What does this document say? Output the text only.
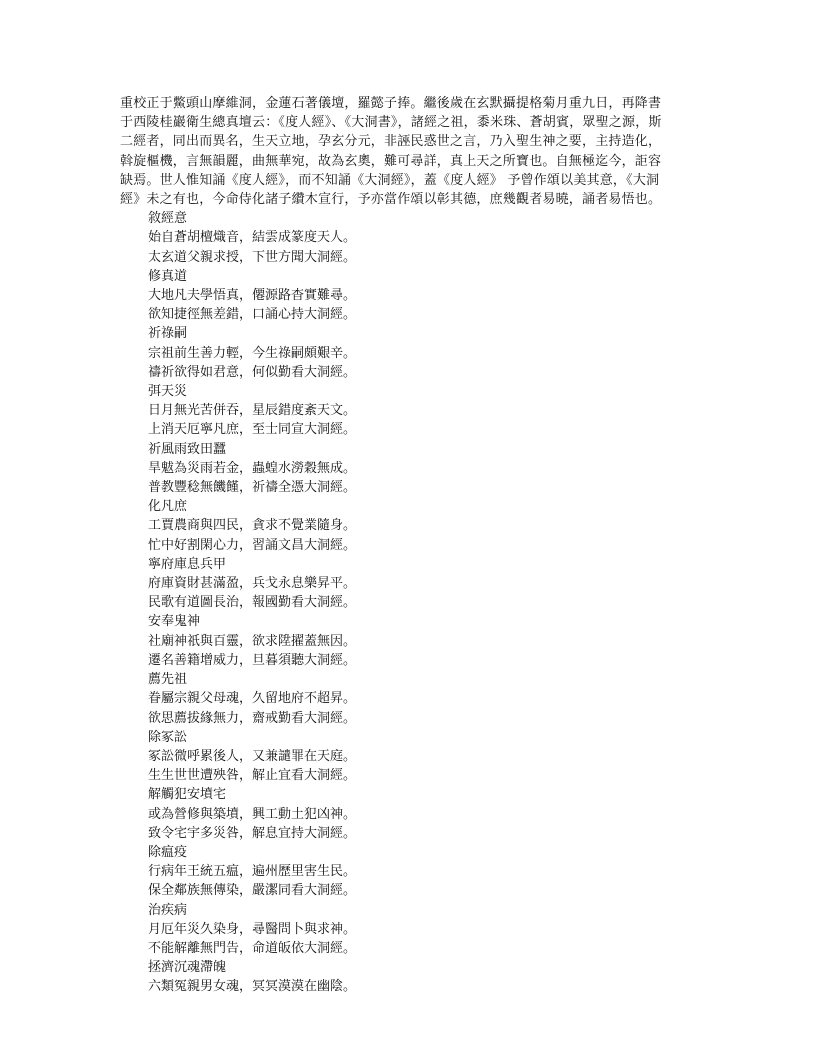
重校正于鱉頭山摩維洞，金蓮石著儀壇，羅懿子捧。繼後歲在玄默攝提格菊月重九日，再降書

于西陵桂巖衛生總真壇云：《度人經》、《大洞書》，諸經之祖，黍米珠、蒼胡賓，眾聖之源，斯

二經者，同出而異名，生天立地，孕玄分元，非誣民惑世之言，乃入聖生神之要，主持造化，

斡旋樞機，言無韻麗，曲無華宛，故為玄奧，難可尋詳，真上天之所寶也。自無極迄今，詎容

缺焉。世人惟知誦《度人經》，而不知誦《大洞經》，蓋《度人經》 予曾作頌以美其意，《大洞

經》未之有也，今命侍化諸子纘木宣行，予亦當作頌以彰其德，庶幾觀者易曉，誦者易悟也。

敘經意

始自蒼胡檀熾音，結雲成篆度天人。

太玄道父親求授，下世方聞大洞經。

修真道

大地凡夫學悟真，僊源路杳實難尋。

欲知捷徑無差錯，口誦心持大洞經。

祈祿嗣

宗祖前生善力輕，今生祿嗣頗艱辛。

禱祈欲得如君意，何似勤看大洞經。

弭天災

日月無光苦併吞，星辰錯度紊天文。

上消天厄寧凡庶，至士同宣大洞經。

祈風雨致田蠶

旱魃為災雨若金，蟲蝗水澇穀無成。

普教豐稔無饑饉，祈禱全憑大洞經。

化凡庶

工賈農商與四民，貪求不覺業隨身。

忙中好割閑心力，習誦文昌大洞經。

寧府庫息兵甲

府庫資財甚滿盈，兵戈永息樂昇平。

民歌有道圖長治，報國勤看大洞經。

安奉鬼神

社廟神祇與百靈，欲求陞擢蓋無因。

遷名善籍增威力，旦暮須聽大洞經。

薦先祖

眷屬宗親父母魂，久留地府不超昇。

欲思薦拔緣無力，齋戒勤看大洞經。

除冢訟

冢訟微呼累後人，又兼譴罪在天庭。

生生世世遭殃咎，解止宜看大洞經。

解觸犯安墳宅

或為營修與築墳，興工動土犯凶神。

致令宅宇多災咎，解息宜持大洞經。

除瘟疫

行病年王統五瘟，遍州歷里害生民。

保全鄰族無傳染，嚴潔同看大洞經。

治疾病

月厄年災久染身，尋醫問卜與求神。

不能解離無門告，命道皈依大洞經。

拯濟沉魂滯魄

六類冤親男女魂，冥冥漠漠在幽陰。
